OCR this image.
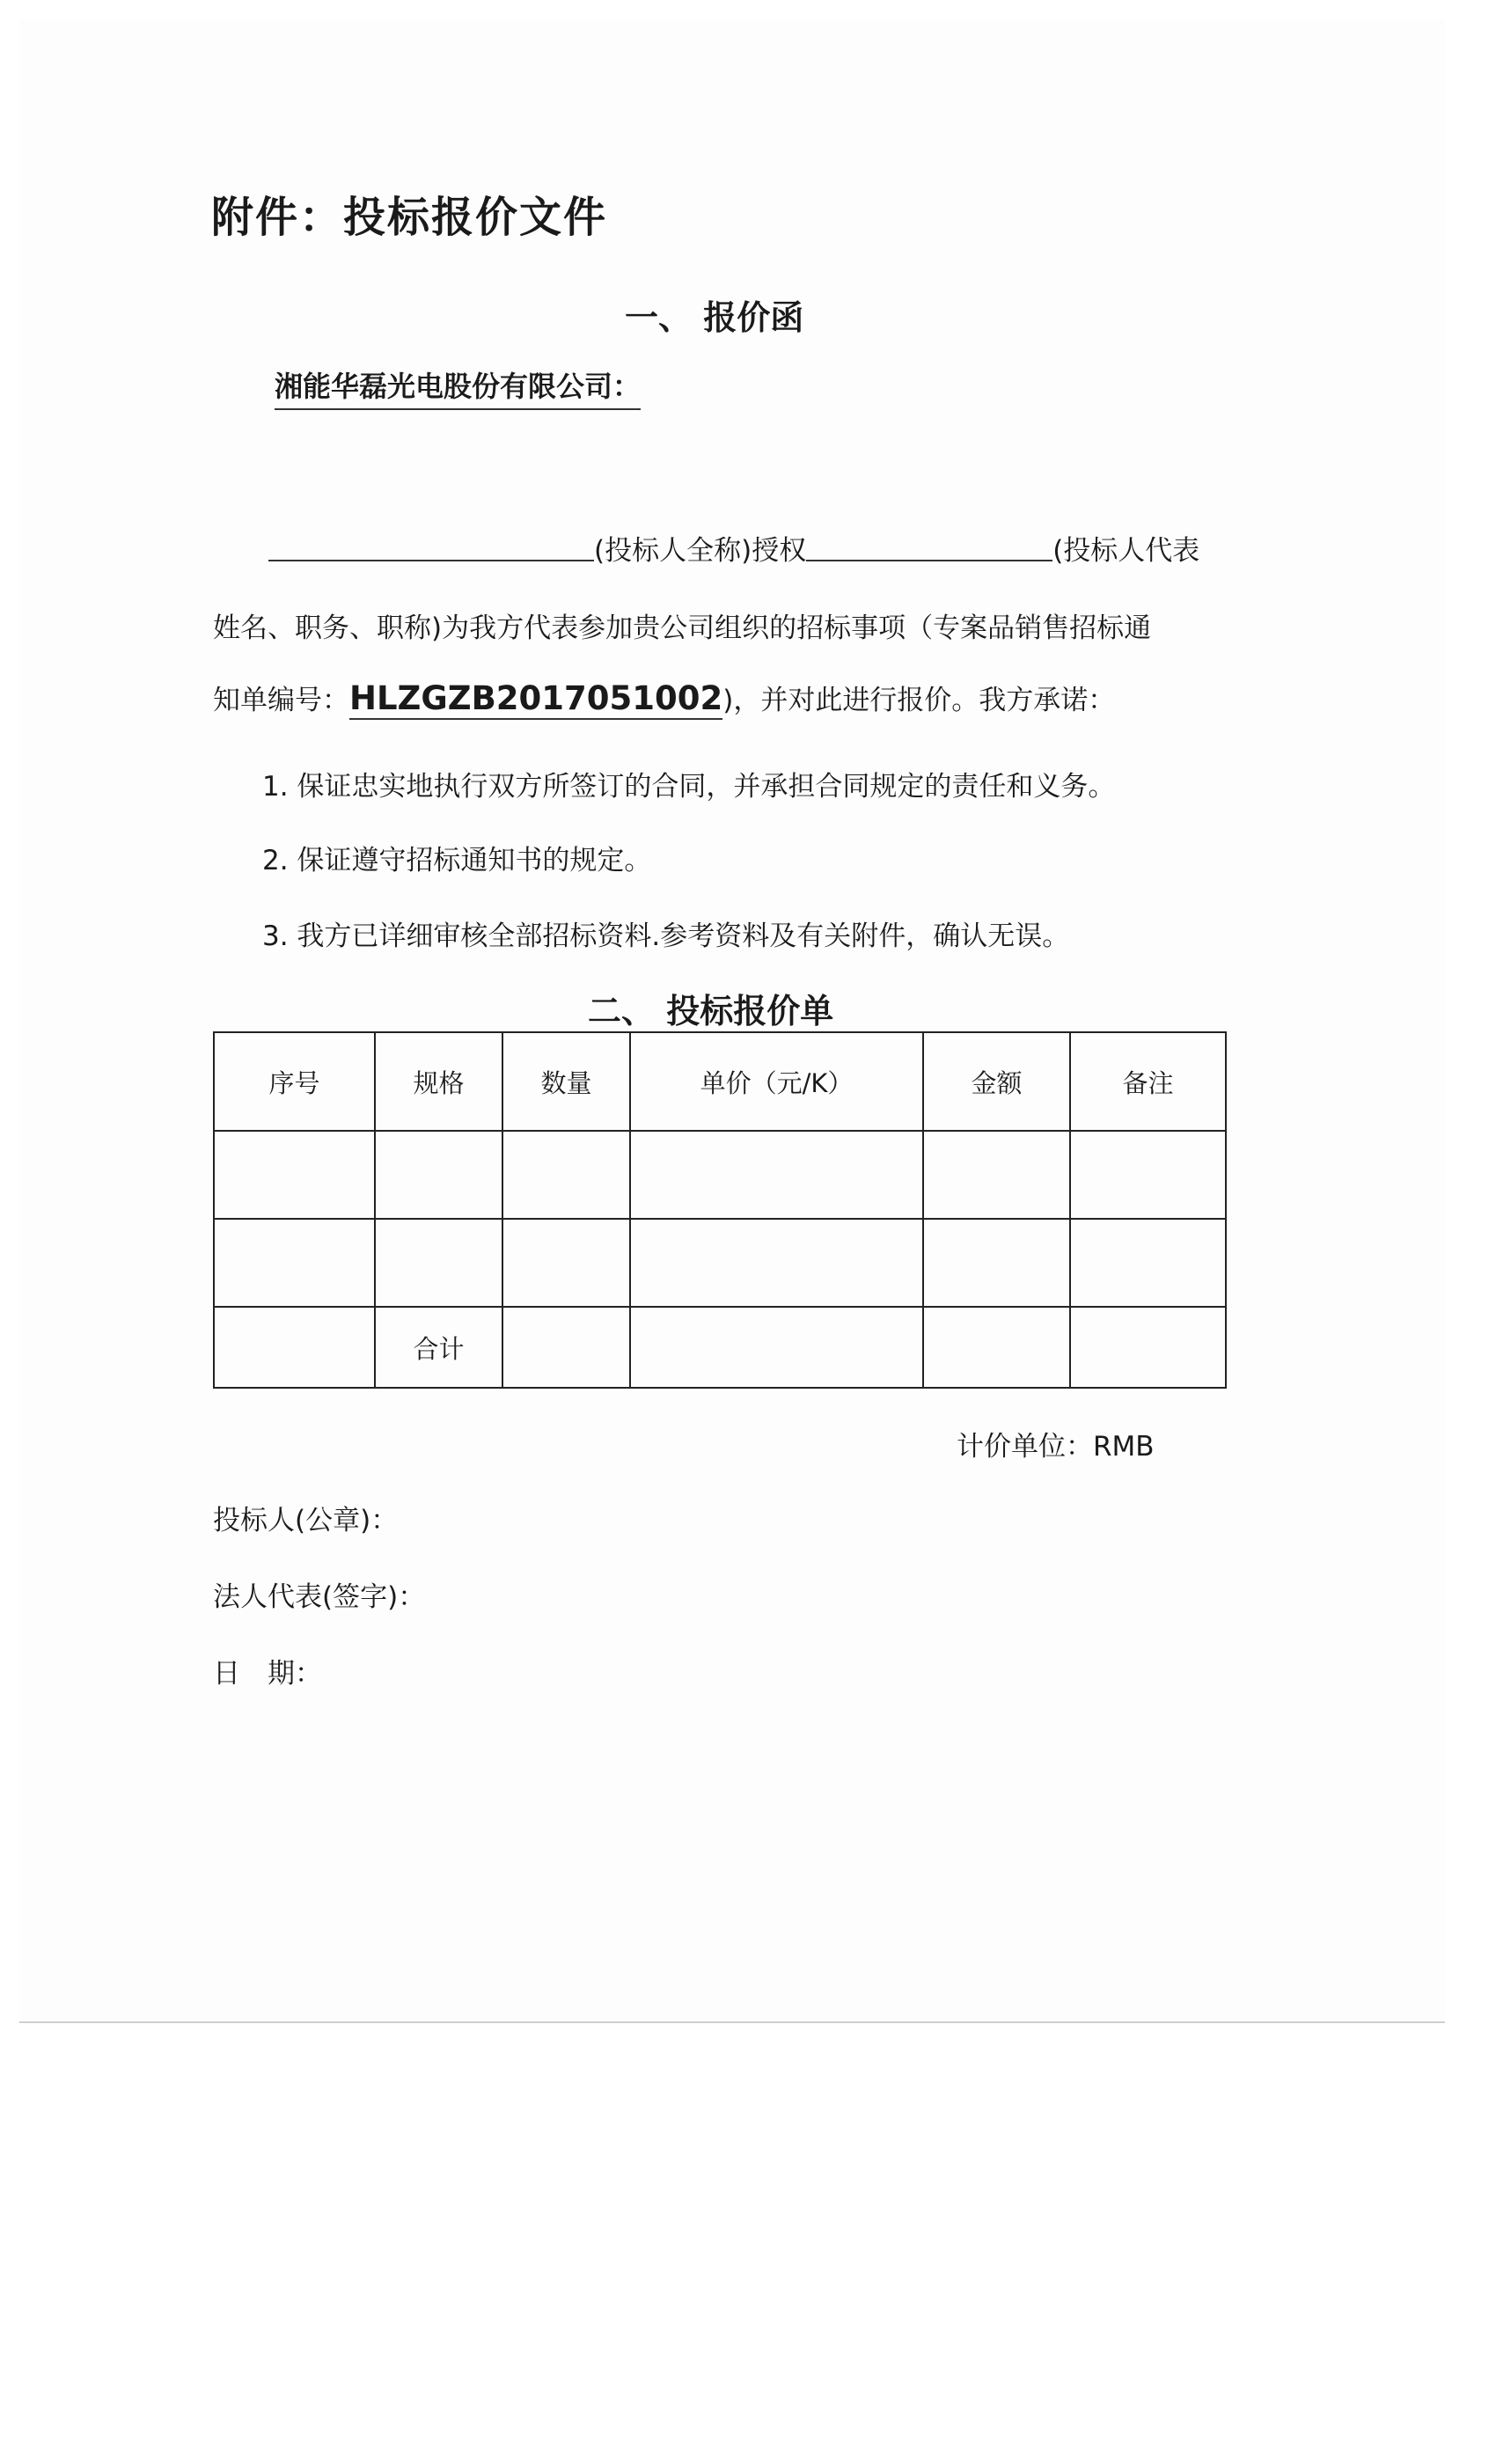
附件：投标报价文件
一、 报价函
湘能华磊光电股份有限公司：
(投标人全称)授权	(投标人代表
姓名、职务、职称)为我方代表参加贵公司组织的招标事项（专案品销售招标通
知单编号：HLZGZB2017051002)，并对此进行报价。我方承诺：
1. 保证忠实地执行双方所签订的合同，并承担合同规定的责任和义务。
2. 保证遵守招标通知书的规定。
3. 我方已详细审核全部招标资料.参考资料及有关附件，确认无误。
二、 投标报价单
序号	规格	数量	单价（元/K）	金额	备注

	合计				
计价单位：RMB
投标人(公章)：
法人代表(签字)：
日　期：
